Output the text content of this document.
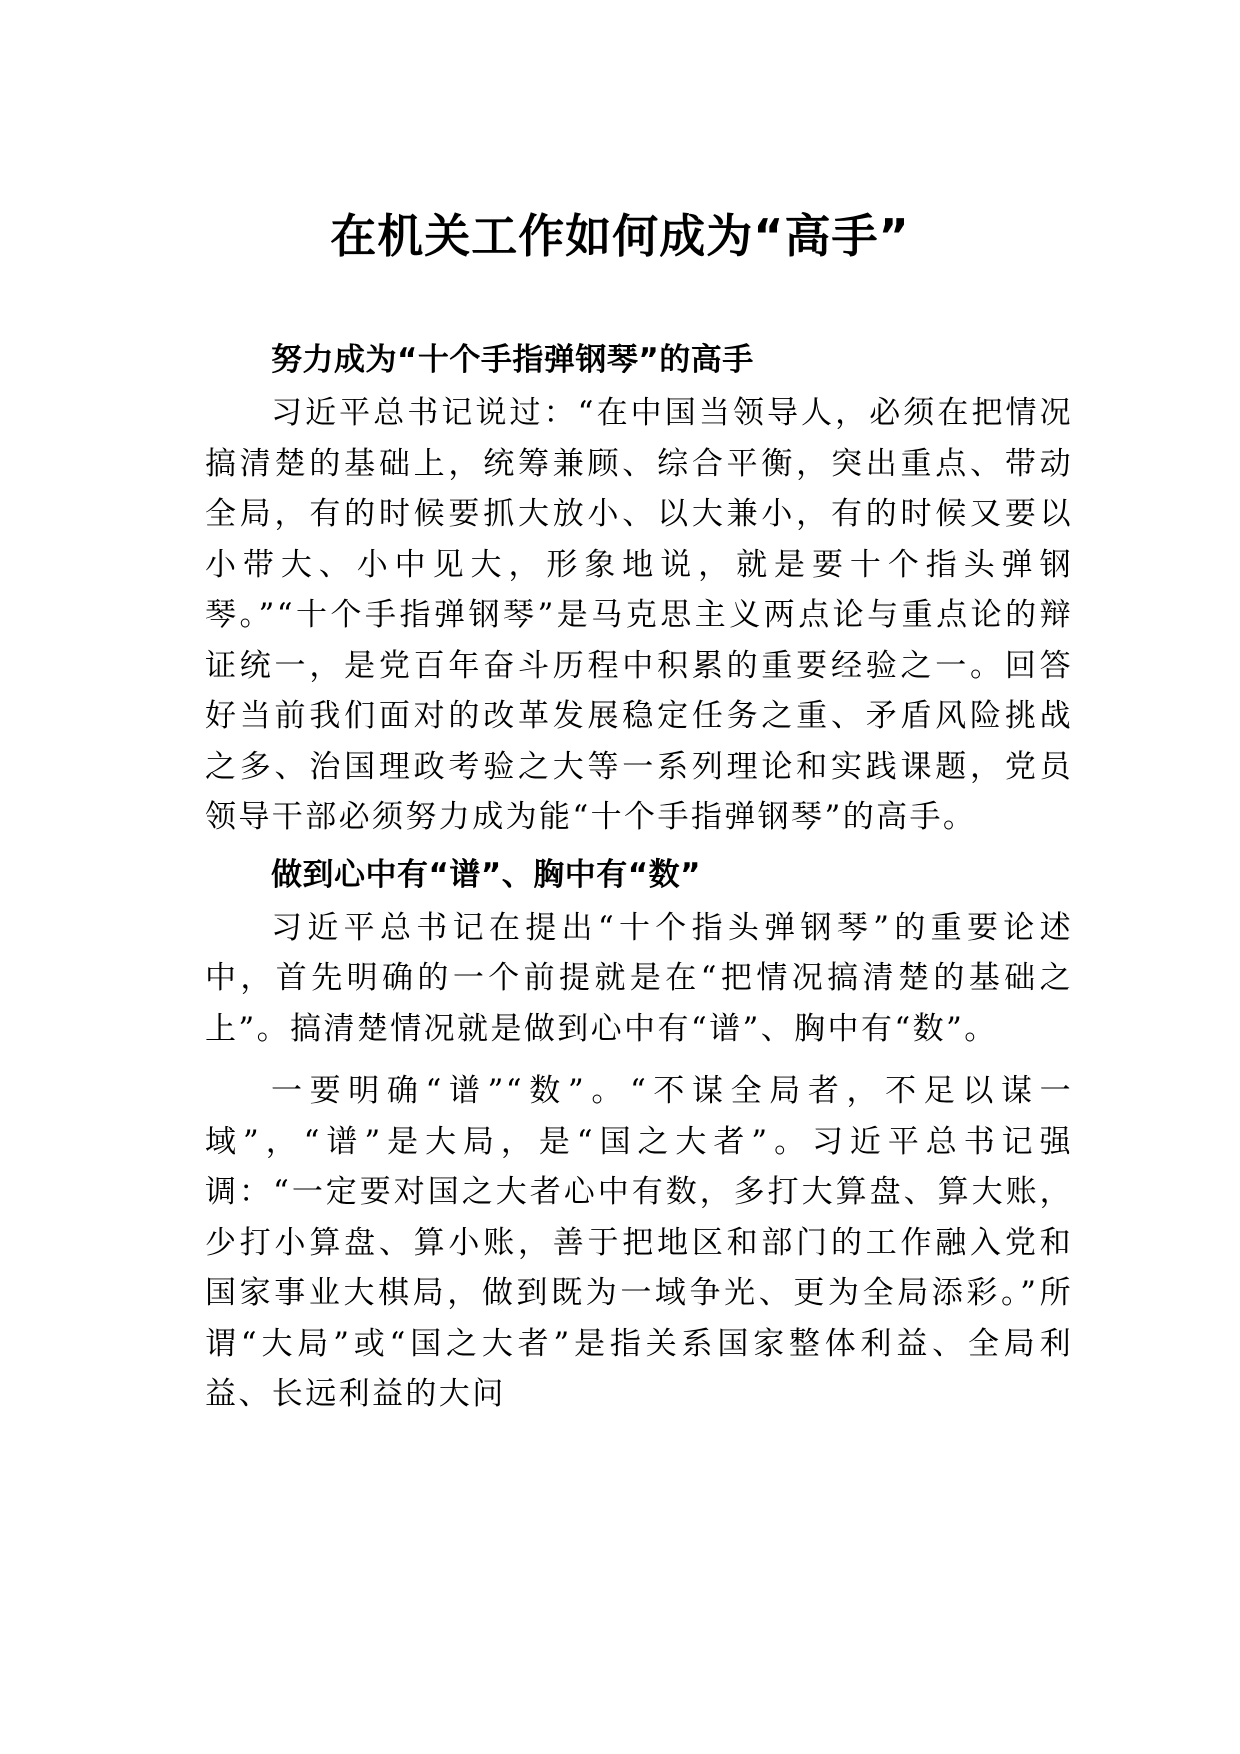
在机关工作如何成为“高手”
努力成为“十个手指弹钢琴”的高手

习近平总书记说过：“在中国当领导人，必须在把情况搞清楚的基础上，统筹兼顾、综合平衡，突出重点、带动全局，有的时候要抓大放小、以大兼小，有的时候又要以小带大、小中见大，形象地说，就是要十个指头弹钢琴。”“十个手指弹钢琴”是马克思主义两点论与重点论的辩证统一，是党百年奋斗历程中积累的重要经验之一。回答好当前我们面对的改革发展稳定任务之重、矛盾风险挑战之多、治国理政考验之大等一系列理论和实践课题，党员领导干部必须努力成为能“十个手指弹钢琴”的高手。

做到心中有“谱”、胸中有“数”

习近平总书记在提出“十个指头弹钢琴”的重要论述中，首先明确的一个前提就是在“把情况搞清楚的基础之上”。搞清楚情况就是做到心中有“谱”、胸中有“数”。

一要明确“谱”“数”。“不谋全局者，不足以谋一域”，“谱”是大局，是“国之大者”。习近平总书记强调：“一定要对国之大者心中有数，多打大算盘、算大账，少打小算盘、算小账，善于把地区和部门的工作融入党和国家事业大棋局，做到既为一域争光、更为全局添彩。”所谓“大局”或“国之大者”是指关系国家整体利益、全局利益、长远利益的大问
